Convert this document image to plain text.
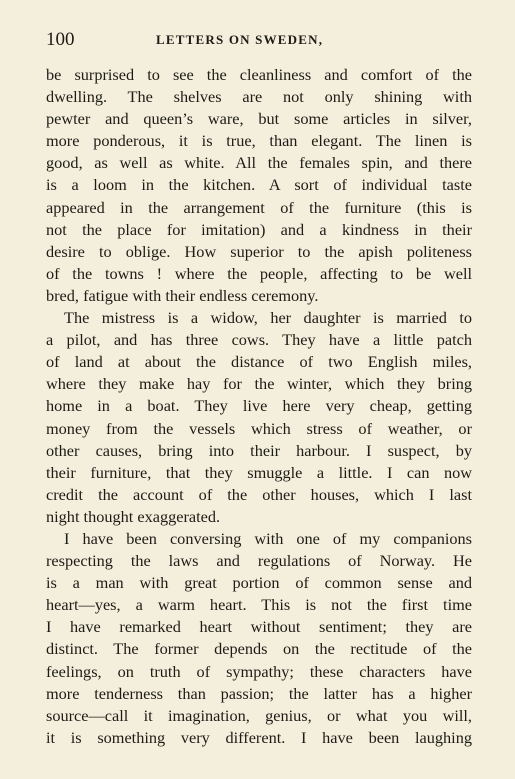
100	LETTERS ON SWEDEN,
be surprised to see the cleanliness and comfort of the
dwelling. The shelves are not only shining with
pewter and queen’s ware, but some articles in silver,
more ponderous, it is true, than elegant. The linen is
good, as well as white. All the females spin, and there
is a loom in the kitchen. A sort of individual taste
appeared in the arrangement of the furniture (this is
not the place for imitation) and a kindness in their
desire to oblige. How superior to the apish politeness
of the towns ! where the people, affecting to be well
bred, fatigue with their endless ceremony.
The mistress is a widow, her daughter is married to
a pilot, and has three cows. They have a little patch
of land at about the distance of two English miles,
where they make hay for the winter, which they bring
home in a boat. They live here very cheap, getting
money from the vessels which stress of weather, or
other causes, bring into their harbour. I suspect, by
their furniture, that they smuggle a little. I can now
credit the account of the other houses, which I last
night thought exaggerated.
I have been conversing with one of my companions
respecting the laws and regulations of Norway. He
is a man with great portion of common sense and
heart—yes, a warm heart. This is not the first time
I have remarked heart without sentiment; they are
distinct. The former depends on the rectitude of the
feelings, on truth of sympathy; these characters have
more tenderness than passion; the latter has a higher
source—call it imagination, genius, or what you will,
it is something very different. I have been laughing
